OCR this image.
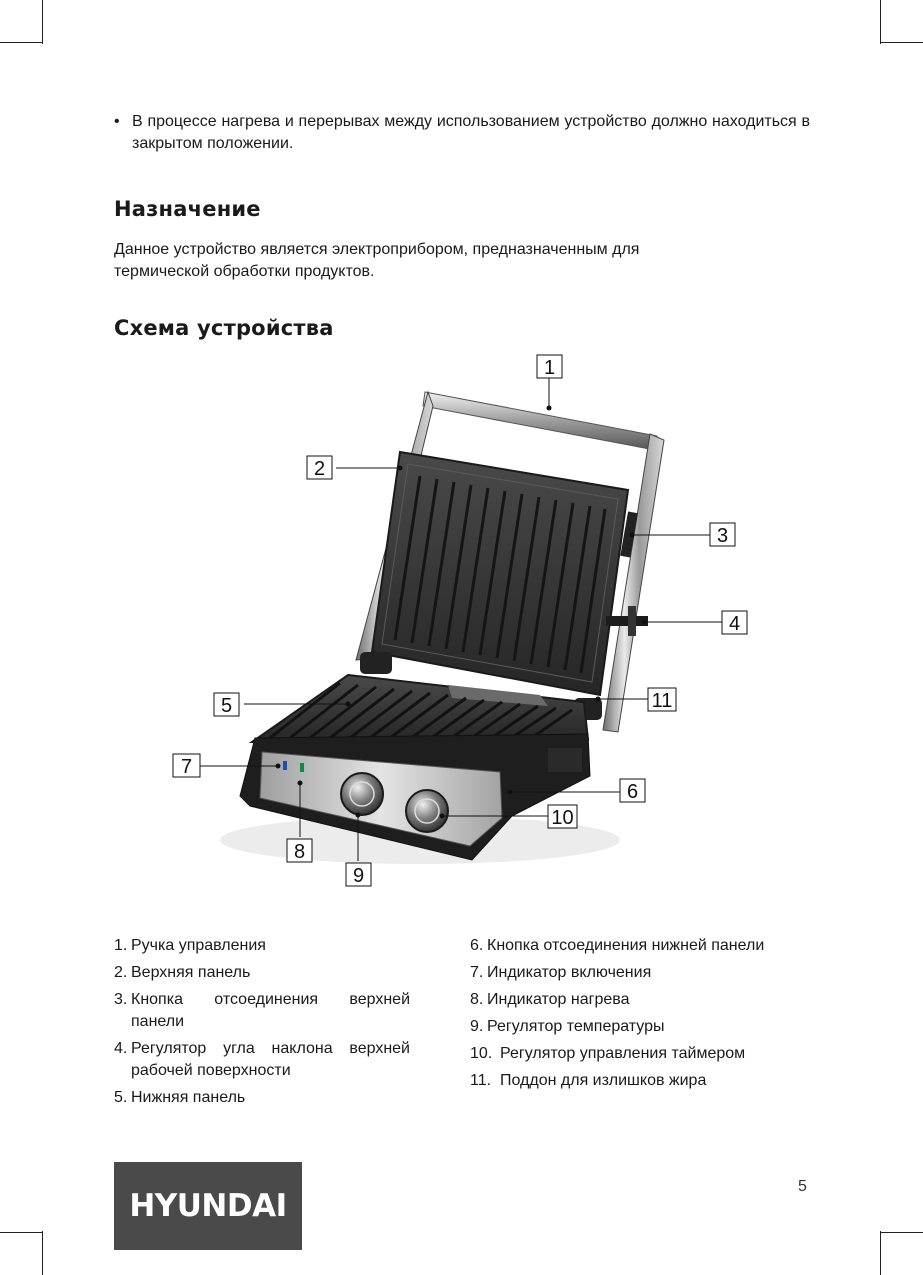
• В процессе нагрева и перерывах между использованием устройство должно находиться в закрытом положении.
Назначение
Данное устройство является электроприбором, предназначенным для термической обработки продуктов.
Схема устройства
1
2
3
4
5
6
7
8
9
10
11
1. Ручка управления
2. Верхняя панель
3. Кнопка отсоединения верхней панели
4. Регулятор угла наклона верхней рабочей поверхности
5. Нижняя панель
6. Кнопка отсоединения нижней панели
7. Индикатор включения
8. Индикатор нагрева
9. Регулятор температуры
10. Регулятор управления таймером
11. Поддон для излишков жира
HYUNDAI
5
